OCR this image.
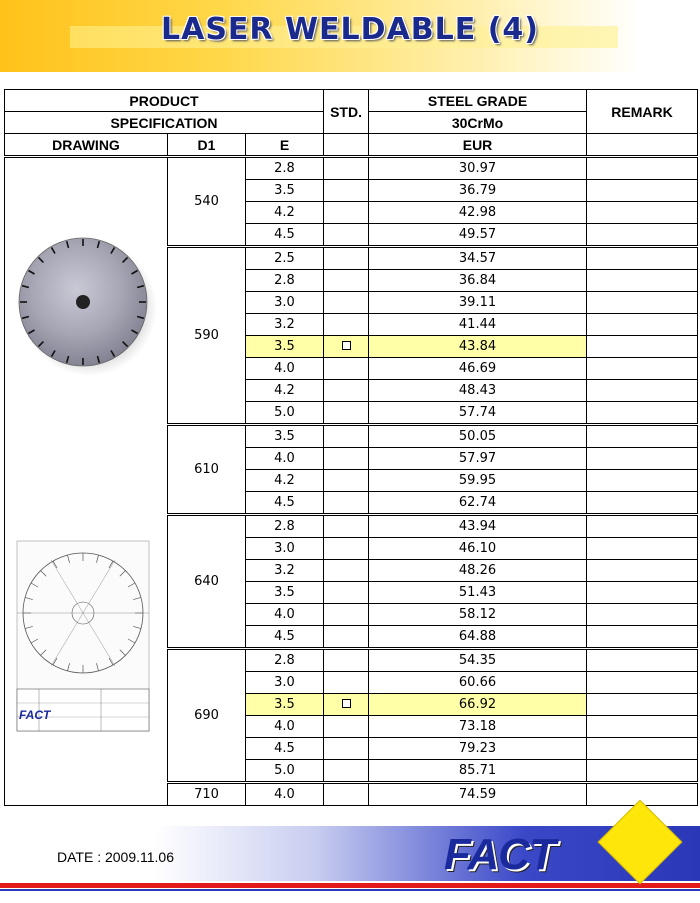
LASER WELDABLE (4)
PRODUCT			STD.	STEEL GRADE	REMARK
SPECIFICATION				30CrMo	
DRAWING	D1	E		EUR	

FACT	540	2.8		30.97	
		3.5		36.79	
		4.2		42.98	
		4.5		49.57	
	590	2.5		34.57	
		2.8		36.84	
		3.0		39.11	
		3.2		41.44	
		3.5		43.84	
		4.0		46.69	
		4.2		48.43	
		5.0		57.74	
	610	3.5		50.05	
		4.0		57.97	
		4.2		59.95	
		4.5		62.74	
	640	2.8		43.94	
		3.0		46.10	
		3.2		48.26	
		3.5		51.43	
		4.0		58.12	
		4.5		64.88	
	690	2.8		54.35	
		3.0		60.66	
		3.5		66.92	
		4.0		73.18	
		4.5		79.23	
		5.0		85.71	
	710	4.0		74.59	
DATE : 2009.11.06	FACT
